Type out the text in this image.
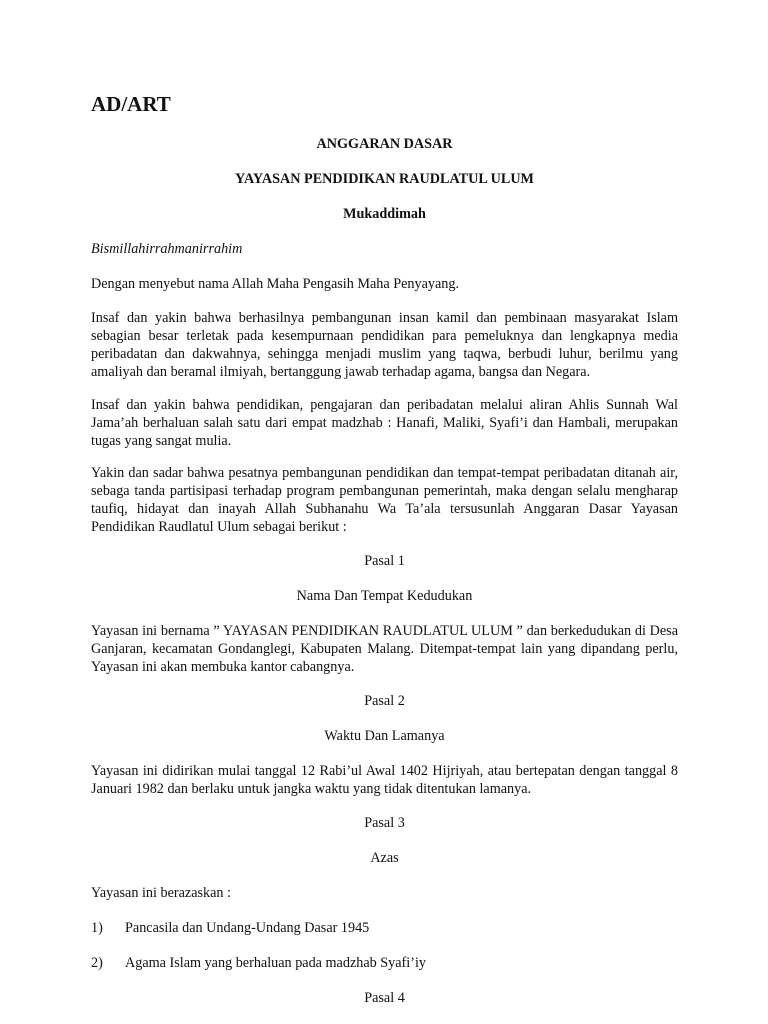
AD/ART
ANGGARAN DASAR
YAYASAN PENDIDIKAN RAUDLATUL ULUM
Mukaddimah
Bismillahirrahmanirrahim
Dengan menyebut nama Allah Maha Pengasih Maha Penyayang.
Insaf dan yakin bahwa berhasilnya pembangunan insan kamil dan pembinaan masyarakat Islam sebagian besar terletak pada kesempurnaan pendidikan para pemeluknya dan lengkapnya media peribadatan dan dakwahnya, sehingga menjadi muslim yang taqwa, berbudi luhur, berilmu yang amaliyah dan beramal ilmiyah, bertanggung jawab terhadap agama, bangsa dan Negara.
Insaf dan yakin bahwa pendidikan, pengajaran dan peribadatan melalui aliran Ahlis Sunnah Wal Jama’ah berhaluan salah satu dari empat madzhab : Hanafi, Maliki, Syafi’i dan Hambali, merupakan tugas yang sangat mulia.
Yakin dan sadar bahwa pesatnya pembangunan pendidikan dan tempat-tempat peribadatan ditanah air, sebaga tanda partisipasi terhadap program pembangunan pemerintah, maka dengan selalu mengharap taufiq, hidayat dan inayah Allah Subhanahu Wa Ta’ala tersusunlah Anggaran Dasar Yayasan Pendidikan Raudlatul Ulum sebagai berikut :
Pasal 1
Nama Dan Tempat Kedudukan
Yayasan ini bernama ” YAYASAN PENDIDIKAN RAUDLATUL ULUM ” dan berkedudukan di Desa Ganjaran, kecamatan Gondanglegi, Kabupaten Malang. Ditempat-tempat lain yang dipandang perlu, Yayasan ini akan membuka kantor cabangnya.
Pasal 2
Waktu Dan Lamanya
Yayasan ini didirikan mulai tanggal 12 Rabi’ul Awal 1402 Hijriyah, atau bertepatan dengan tanggal 8 Januari 1982 dan berlaku untuk jangka waktu yang tidak ditentukan lamanya.
Pasal 3
Azas
Yayasan ini berazaskan :
1) Pancasila dan Undang-Undang Dasar 1945
2) Agama Islam yang berhaluan pada madzhab Syafi’iy
Pasal 4
